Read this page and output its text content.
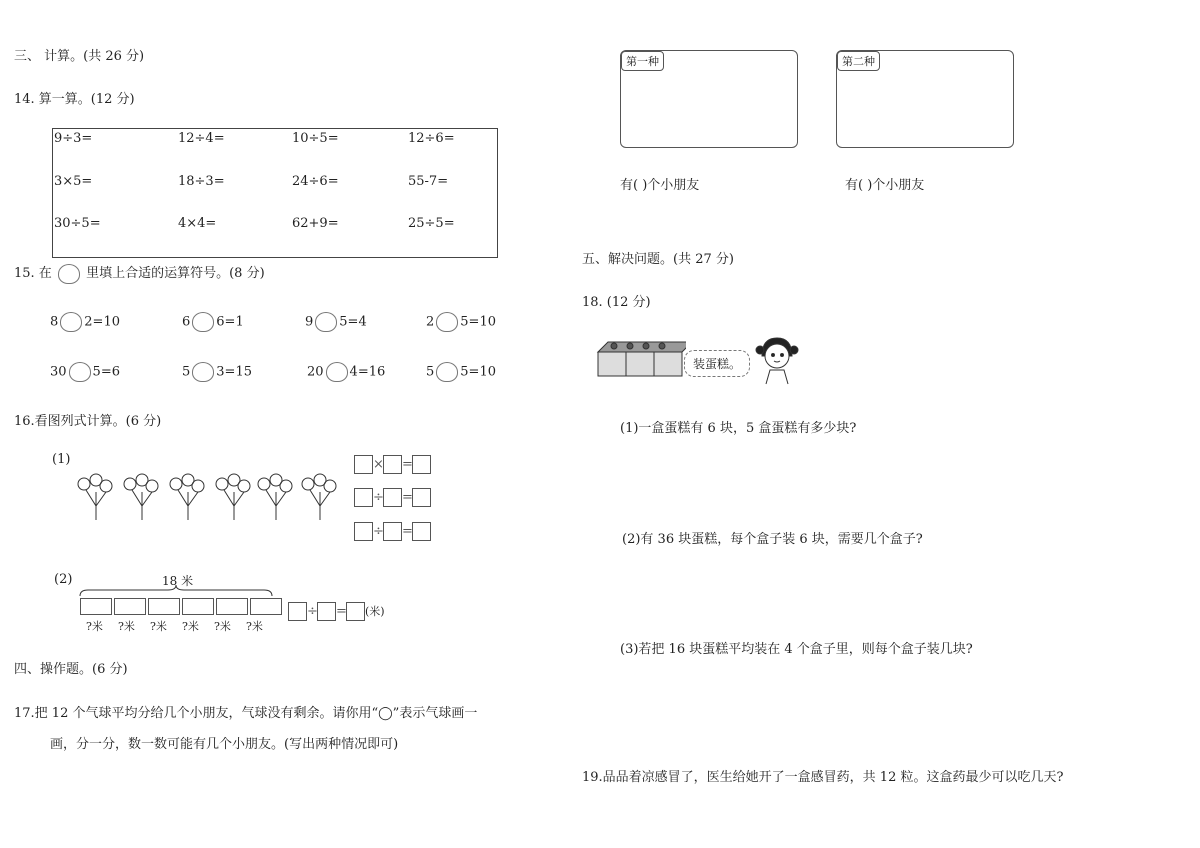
三、 计算。(共 26 分)
14. 算一算。(12 分)
9÷3=	12÷4=	10÷5=	12÷6=
3×5=	18÷3=	24÷6=	55-7=
30÷5=	4×4=	62+9=	25÷5=
15. 在	里填上合适的运算符号。(8 分)
8 2=10	6 6=1	9 5=4	2 5=10
30 5=6	5 3=15	20 4=16	5 5=10
16.看图列式计算。(6 分)
(1)	× =
÷ =
÷ =
(2)	18 米
?米 ?米 ?米 ?米 ?米 ?米
÷ = (米)
四、操作题。(6 分)
17.把 12 个气球平均分给几个小朋友，气球没有剩余。请你用“◯”表示气球画一
画，分一分，数一数可能有几个小朋友。(写出两种情况即可)
第一种	第二种
有( )个小朋友	有( )个小朋友
五、解决问题。(共 27 分)
18. (12 分)
装蛋糕。
(1)一盒蛋糕有 6 块，5 盒蛋糕有多少块?
(2)有 36 块蛋糕，每个盒子装 6 块，需要几个盒子?
(3)若把 16 块蛋糕平均装在 4 个盒子里，则每个盒子装几块?
19.品品着凉感冒了，医生给她开了一盒感冒药，共 12 粒。这盒药最少可以吃几天?
